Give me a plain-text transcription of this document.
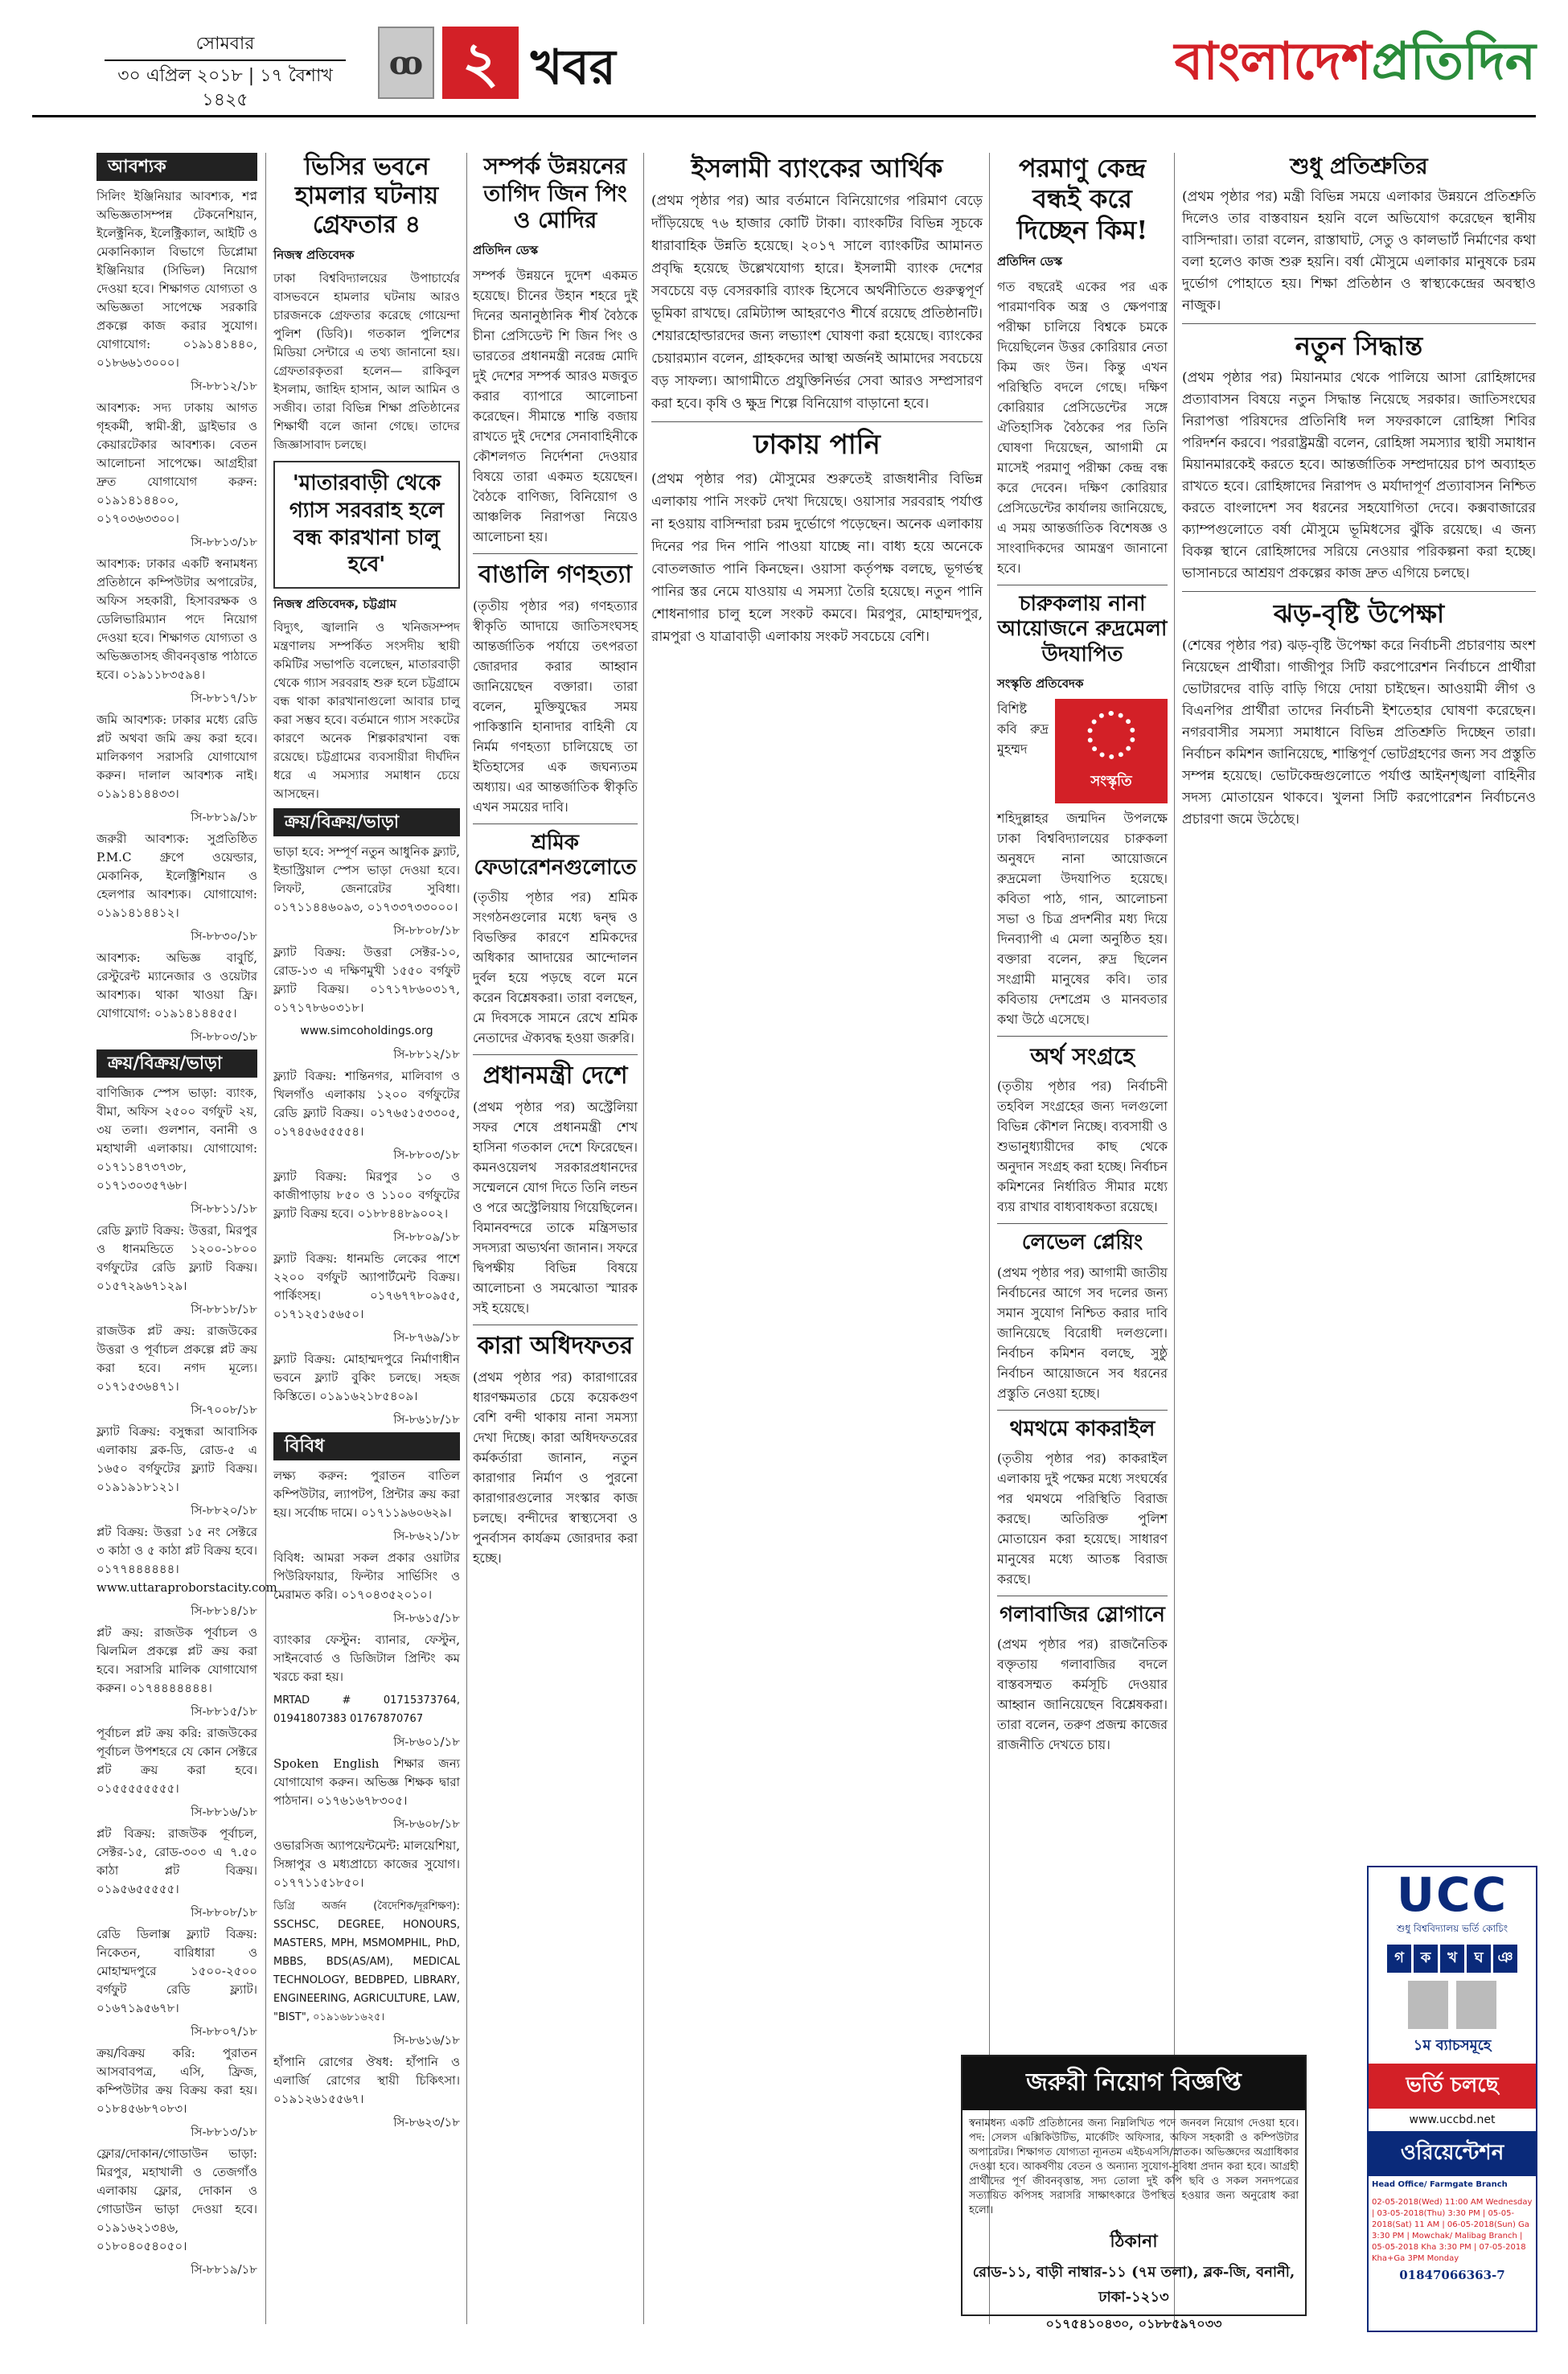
সোমবার
৩০ এপ্রিল ২০১৮ | ১৭ বৈশাখ ১৪২৫
ꝏ ২ খবর	বাংলাদেশপ্রতিদিন
আবশ্যক

সিলিং ইঞ্জিনিয়ার আবশ্যক, শপ্ন অভিজ্ঞতাসম্পন্ন টেকনেশিয়ান, ইলেক্ট্রনিক, ইলেক্ট্রিক্যাল, আইটি ও মেকানিক্যাল বিভাগে ডিপ্লোমা ইঞ্জিনিয়ার (সিভিল) নিয়োগ দেওয়া হবে। শিক্ষাগত যোগ্যতা ও অভিজ্ঞতা সাপেক্ষে সরকারি প্রকল্পে কাজ করার সুযোগ। যোগাযোগ: ০১৯১৪১৪৪০, ০১৮৬৬১৩০০০।

সি-৮৮১২/১৮

আবশ্যক: সদ্য ঢাকায় আগত গৃহকর্মী, স্বামী-স্ত্রী, ড্রাইভার ও কেয়ারটেকার আবশ্যক। বেতন আলোচনা সাপেক্ষে। আগ্রহীরা দ্রুত যোগাযোগ করুন: ০১৯১৪১৪৪০০, ০১৭০৩৬৩৩০০।

সি-৮৮১৩/১৮

আবশ্যক: ঢাকার একটি স্বনামধন্য প্রতিষ্ঠানে কম্পিউটার অপারেটর, অফিস সহকারী, হিসাবরক্ষক ও ডেলিভারিম্যান পদে নিয়োগ দেওয়া হবে। শিক্ষাগত যোগ্যতা ও অভিজ্ঞতাসহ জীবনবৃত্তান্ত পাঠাতে হবে। ০১৯১১৮৩৫৯৪।

সি-৮৮১৭/১৮

জমি আবশ্যক: ঢাকার মধ্যে রেডি প্লট অথবা জমি ক্রয় করা হবে। মালিকগণ সরাসরি যোগাযোগ করুন। দালাল আবশ্যক নাই। ০১৯১৪১৪৪৩৩।

সি-৮৮১৯/১৮

জরুরী আবশ্যক: সুপ্রতিষ্ঠিত P.M.C গ্রুপে ওয়েল্ডার, মেকানিক, ইলেক্ট্রিশিয়ান ও হেলপার আবশ্যক। যোগাযোগ: ০১৯১৪১৪৪১২।

সি-৮৮৩০/১৮

আবশ্যক: অভিজ্ঞ বাবুর্চি, রেস্টুরেন্ট ম্যানেজার ও ওয়েটার আবশ্যক। থাকা খাওয়া ফ্রি। যোগাযোগ: ০১৯১৪১৪৪৫৫।

সি-৮৮০৩/১৮
ক্রয়/বিক্রয়/ভাড়া

বাণিজ্যিক স্পেস ভাড়া: ব্যাংক, বীমা, অফিস ২৫০০ বর্গফুট ২য়, ৩য় তলা। গুলশান, বনানী ও মহাখালী এলাকায়। যোগাযোগ: ০১৭১১৪৭৩৭৩৮, ০১৭১৩০৩৫৭৬৮।

সি-৮৮১১/১৮

রেডি ফ্ল্যাট বিক্রয়: উত্তরা, মিরপুর ও ধানমন্ডিতে ১২০০-১৮০০ বর্গফুটের রেডি ফ্ল্যাট বিক্রয়। ০১৫৭২৯৬৭১২৯।

সি-৮৮১৮/১৮

রাজউক প্লট ক্রয়: রাজউকের উত্তরা ও পূর্বাচল প্রকল্পে প্লট ক্রয় করা হবে। নগদ মূল্যে। ০১৭১৫৩৬৪৭১।

সি-৭০০৮/১৮

ফ্ল্যাট বিক্রয়: বসুন্ধরা আবাসিক এলাকায় ব্লক-ডি, রোড-৫ এ ১৬৫০ বর্গফুটের ফ্ল্যাট বিক্রয়। ০১৯১৯১৮১২১।

সি-৮৮২০/১৮

প্লট বিক্রয়: উত্তরা ১৫ নং সেক্টরে ৩ কাঠা ও ৫ কাঠা প্লট বিক্রয় হবে। ০১৭৭৪৪৪৪৪৪। www.uttaraproborstacity.com

সি-৮৮১৪/১৮

প্লট ক্রয়: রাজউক পূর্বাচল ও ঝিলমিল প্রকল্পে প্লট ক্রয় করা হবে। সরাসরি মালিক যোগাযোগ করুন। ০১৭৪৪৪৪৪৪৪।

সি-৮৮১৫/১৮

পূর্বাচল প্লট ক্রয় করি: রাজউকের পূর্বাচল উপশহরে যে কোন সেক্টরে প্লট ক্রয় করা হবে। ০১৫৫৫৫৫৫৫৫।

সি-৮৮১৬/১৮

প্লট বিক্রয়: রাজউক পূর্বাচল, সেক্টর-১৫, রোড-৩০৩ এ ৭.৫০ কাঠা প্লট বিক্রয়। ০১৯৫৬৫৫৫৫৫।

সি-৮৮০৮/১৮

রেডি ডিলাক্স ফ্ল্যাট বিক্রয়: নিকেতন, বারিধারা ও মোহাম্মদপুরে ১৫০০-২৫০০ বর্গফুট রেডি ফ্ল্যাট। ০১৬৭১৯৫৬৭৮।

সি-৮৮০৭/১৮

ক্রয়/বিক্রয় করি: পুরাতন আসবাবপত্র, এসি, ফ্রিজ, কম্পিউটার ক্রয় বিক্রয় করা হয়। ০১৮৪৫৬৮৭০৮৩।

সি-৮৮১৩/১৮

ফ্লোর/দোকান/গোডাউন ভাড়া: মিরপুর, মহাখালী ও তেজগাঁও এলাকায় ফ্লোর, দোকান ও গোডাউন ভাড়া দেওয়া হবে। ০১৯১৬২১৩৪৬, ০১৮০৪০৫৪০৫০।

সি-৮৮১৯/১৮
ভিসির ভবনে হামলার ঘটনায় গ্রেফতার ৪
নিজস্ব প্রতিবেদক

ঢাকা বিশ্ববিদ্যালয়ের উপাচার্যের বাসভবনে হামলার ঘটনায় আরও চারজনকে গ্রেফতার করেছে গোয়েন্দা পুলিশ (ডিবি)। গতকাল পুলিশের মিডিয়া সেন্টারে এ তথ্য জানানো হয়। গ্রেফতারকৃতরা হলেন— রাকিবুল ইসলাম, জাহিদ হাসান, আল আমিন ও সজীব। তারা বিভিন্ন শিক্ষা প্রতিষ্ঠানের শিক্ষার্থী বলে জানা গেছে। তাদের জিজ্ঞাসাবাদ চলছে।

'মাতারবাড়ী থেকে গ্যাস সরবরাহ হলে বন্ধ কারখানা চালু হবে'
নিজস্ব প্রতিবেদক, চট্টগ্রাম

বিদ্যুৎ, জ্বালানি ও খনিজসম্পদ মন্ত্রণালয় সম্পর্কিত সংসদীয় স্থায়ী কমিটির সভাপতি বলেছেন, মাতারবাড়ী থেকে গ্যাস সরবরাহ শুরু হলে চট্টগ্রামে বন্ধ থাকা কারখানাগুলো আবার চালু করা সম্ভব হবে। বর্তমানে গ্যাস সংকটের কারণে অনেক শিল্পকারখানা বন্ধ রয়েছে। চট্টগ্রামের ব্যবসায়ীরা দীর্ঘদিন ধরে এ সমস্যার সমাধান চেয়ে আসছেন।

ক্রয়/বিক্রয়/ভাড়া

ভাড়া হবে: সম্পূর্ণ নতুন আধুনিক ফ্ল্যাট, ইন্ডাস্ট্রিয়াল স্পেস ভাড়া দেওয়া হবে। লিফট, জেনারেটর সুবিধা। ০১৭১১৪৪৬০৯৩, ০১৭৩৩৭৩৩০০০।

সি-৮৮০৮/১৮

ফ্ল্যাট বিক্রয়: উত্তরা সেক্টর-১০, রোড-১৩ এ দক্ষিণমুখী ১৫৫০ বর্গফুট ফ্ল্যাট বিক্রয়। ০১৭১৭৮৬০৩১৭, ০১৭১৭৮৬০৩১৮।

www.simcoholdings.org
সি-৮৮১২/১৮

ফ্ল্যাট বিক্রয়: শান্তিনগর, মালিবাগ ও খিলগাঁও এলাকায় ১২০০ বর্গফুটের রেডি ফ্ল্যাট বিক্রয়। ০১৭৬৫১৫৩৩০৫, ০১৭৪৫৬৫৫৫৫৪।

সি-৮৮০৩/১৮

ফ্ল্যাট বিক্রয়: মিরপুর ১০ ও কাজীপাড়ায় ৮৫০ ও ১১০০ বর্গফুটের ফ্ল্যাট বিক্রয় হবে। ০১৮৮৪৪৮৯০০২।

সি-৮৮০৯/১৮

ফ্ল্যাট বিক্রয়: ধানমন্ডি লেকের পাশে ২২০০ বর্গফুট অ্যাপার্টমেন্ট বিক্রয়। পার্কিংসহ। ০১৭৬৭৭৮০৯৫৫, ০১৭১২৫১৫৬৫০।

সি-৮৭৬৯/১৮

ফ্ল্যাট বিক্রয়: মোহাম্মদপুরে নির্মাণাধীন ভবনে ফ্ল্যাট বুকিং চলছে। সহজ কিস্তিতে। ০১৯১৬২১৮৫৪০৯।

সি-৮৬১৮/১৮
বিবিধ

লক্ষ্য করুন: পুরাতন বাতিল কম্পিউটার, ল্যাপটপ, প্রিন্টার ক্রয় করা হয়। সর্বোচ্চ দামে। ০১৭১১৯৬০৬২৯।

সি-৮৬২১/১৮

বিবিধ: আমরা সকল প্রকার ওয়াটার পিউরিফায়ার, ফিল্টার সার্ভিসিং ও মেরামত করি। ০১৭০৪৩৫২০১০।

সি-৮৬১৫/১৮

ব্যাংকার ফেস্টুন: ব্যানার, ফেস্টুন, সাইনবোর্ড ও ডিজিটাল প্রিন্টিং কম খরচে করা হয়।

MRTAD # 01715373764, 01941807383 01767870767

সি-৮৬০১/১৮

Spoken English শিক্ষার জন্য যোগাযোগ করুন। অভিজ্ঞ শিক্ষক দ্বারা পাঠদান। ০১৭৬১৬৭৮৩০৫।

সি-৮৬০৮/১৮

ওভারসিজ অ্যাপয়েন্টমেন্ট: মালয়েশিয়া, সিঙ্গাপুর ও মধ্যপ্রাচ্যে কাজের সুযোগ। ০১৭৭১১৫১৮৫০।

ডিগ্রি অর্জন (বৈদেশিক/দূরশিক্ষণ): SSCHSC, DEGREE, HONOURS, MASTERS, MPH, MSMOMPHIL, PhD, MBBS, BDS(AS/AM), MEDICAL TECHNOLOGY, BEDBPED, LIBRARY, ENGINEERING, AGRICULTURE, LAW, "BIST", ০১৯১৬৮১৬২৫।

সি-৮৬১৬/১৮

হাঁপানি রোগের ঔষধ: হাঁপানি ও এলার্জি রোগের স্থায়ী চিকিৎসা। ০১৯১২৬১৫৫৬৭।

সি-৮৬২৩/১৮
সম্পর্ক উন্নয়নের তাগিদ জিন পিং ও মোদির
প্রতিদিন ডেস্ক

সম্পর্ক উন্নয়নে দুদেশ একমত হয়েছে। চীনের উহান শহরে দুই দিনের অনানুষ্ঠানিক শীর্ষ বৈঠকে চীনা প্রেসিডেন্ট শি জিন পিং ও ভারতের প্রধানমন্ত্রী নরেন্দ্র মোদি দুই দেশের সম্পর্ক আরও মজবুত করার ব্যাপারে আলোচনা করেছেন। সীমান্তে শান্তি বজায় রাখতে দুই দেশের সেনাবাহিনীকে কৌশলগত নির্দেশনা দেওয়ার বিষয়ে তারা একমত হয়েছেন। বৈঠকে বাণিজ্য, বিনিয়োগ ও আঞ্চলিক নিরাপত্তা নিয়েও আলোচনা হয়।

বাঙালি গণহত্যা

(তৃতীয় পৃষ্ঠার পর) গণহত্যার স্বীকৃতি আদায়ে জাতিসংঘসহ আন্তর্জাতিক পর্যায়ে তৎপরতা জোরদার করার আহ্বান জানিয়েছেন বক্তারা। তারা বলেন, মুক্তিযুদ্ধের সময় পাকিস্তানি হানাদার বাহিনী যে নির্মম গণহত্যা চালিয়েছে তা ইতিহাসের এক জঘন্যতম অধ্যায়। এর আন্তর্জাতিক স্বীকৃতি এখন সময়ের দাবি।

শ্রমিক ফেডারেশনগুলোতে

(তৃতীয় পৃষ্ঠার পর) শ্রমিক সংগঠনগুলোর মধ্যে দ্বন্দ্ব ও বিভক্তির কারণে শ্রমিকদের অধিকার আদায়ের আন্দোলন দুর্বল হয়ে পড়ছে বলে মনে করেন বিশ্লেষকরা। তারা বলছেন, মে দিবসকে সামনে রেখে শ্রমিক নেতাদের ঐক্যবদ্ধ হওয়া জরুরি।

প্রধানমন্ত্রী দেশে

(প্রথম পৃষ্ঠার পর) অস্ট্রেলিয়া সফর শেষে প্রধানমন্ত্রী শেখ হাসিনা গতকাল দেশে ফিরেছেন। কমনওয়েলথ সরকারপ্রধানদের সম্মেলনে যোগ দিতে তিনি লন্ডন ও পরে অস্ট্রেলিয়ায় গিয়েছিলেন। বিমানবন্দরে তাকে মন্ত্রিসভার সদস্যরা অভ্যর্থনা জানান। সফরে দ্বিপক্ষীয় বিভিন্ন বিষয়ে আলোচনা ও সমঝোতা স্মারক সই হয়েছে।

কারা অধিদফতর

(প্রথম পৃষ্ঠার পর) কারাগারের ধারণক্ষমতার চেয়ে কয়েকগুণ বেশি বন্দী থাকায় নানা সমস্যা দেখা দিচ্ছে। কারা অধিদফতরের কর্মকর্তারা জানান, নতুন কারাগার নির্মাণ ও পুরনো কারাগারগুলোর সংস্কার কাজ চলছে। বন্দীদের স্বাস্থ্যসেবা ও পুনর্বাসন কার্যক্রম জোরদার করা হচ্ছে।

ইসলামী ব্যাংকের আর্থিক

(প্রথম পৃষ্ঠার পর) আর বর্তমানে বিনিয়োগের পরিমাণ বেড়ে দাঁড়িয়েছে ৭৬ হাজার কোটি টাকা। ব্যাংকটির বিভিন্ন সূচকে ধারাবাহিক উন্নতি হয়েছে। ২০১৭ সালে ব্যাংকটির আমানত প্রবৃদ্ধি হয়েছে উল্লেখযোগ্য হারে। ইসলামী ব্যাংক দেশের সবচেয়ে বড় বেসরকারি ব্যাংক হিসেবে অর্থনীতিতে গুরুত্বপূর্ণ ভূমিকা রাখছে। রেমিট্যান্স আহরণেও শীর্ষে রয়েছে প্রতিষ্ঠানটি। শেয়ারহোল্ডারদের জন্য লভ্যাংশ ঘোষণা করা হয়েছে। ব্যাংকের চেয়ারম্যান বলেন, গ্রাহকদের আস্থা অর্জনই আমাদের সবচেয়ে বড় সাফল্য। আগামীতে প্রযুক্তিনির্ভর সেবা আরও সম্প্রসারণ করা হবে। কৃষি ও ক্ষুদ্র শিল্পে বিনিয়োগ বাড়ানো হবে।

ঢাকায় পানি

(প্রথম পৃষ্ঠার পর) মৌসুমের শুরুতেই রাজধানীর বিভিন্ন এলাকায় পানি সংকট দেখা দিয়েছে। ওয়াসার সরবরাহ পর্যাপ্ত না হওয়ায় বাসিন্দারা চরম দুর্ভোগে পড়েছেন। অনেক এলাকায় দিনের পর দিন পানি পাওয়া যাচ্ছে না। বাধ্য হয়ে অনেকে বোতলজাত পানি কিনছেন। ওয়াসা কর্তৃপক্ষ বলছে, ভূগর্ভস্থ পানির স্তর নেমে যাওয়ায় এ সমস্যা তৈরি হয়েছে। নতুন পানি শোধনাগার চালু হলে সংকট কমবে। মিরপুর, মোহাম্মদপুর, রামপুরা ও যাত্রাবাড়ী এলাকায় সংকট সবচেয়ে বেশি।

পরমাণু কেন্দ্র বন্ধই করে দিচ্ছেন কিম!
প্রতিদিন ডেস্ক

গত বছরেই একের পর এক পারমাণবিক অস্ত্র ও ক্ষেপণাস্ত্র পরীক্ষা চালিয়ে বিশ্বকে চমকে দিয়েছিলেন উত্তর কোরিয়ার নেতা কিম জং উন। কিন্তু এখন পরিস্থিতি বদলে গেছে। দক্ষিণ কোরিয়ার প্রেসিডেন্টের সঙ্গে ঐতিহাসিক বৈঠকের পর তিনি ঘোষণা দিয়েছেন, আগামী মে মাসেই পরমাণু পরীক্ষা কেন্দ্র বন্ধ করে দেবেন। দক্ষিণ কোরিয়ার প্রেসিডেন্টের কার্যালয় জানিয়েছে, এ সময় আন্তর্জাতিক বিশেষজ্ঞ ও সাংবাদিকদের আমন্ত্রণ জানানো হবে।

চারুকলায় নানা আয়োজনে রুদ্রমেলা উদযাপিত
সংস্কৃতি প্রতিবেদক
সংস্কৃতি

বিশিষ্ট কবি রুদ্র মুহম্মদ শহিদুল্লাহর জন্মদিন উপলক্ষে ঢাকা বিশ্ববিদ্যালয়ের চারুকলা অনুষদে নানা আয়োজনে রুদ্রমেলা উদযাপিত হয়েছে। কবিতা পাঠ, গান, আলোচনা সভা ও চিত্র প্রদর্শনীর মধ্য দিয়ে দিনব্যাপী এ মেলা অনুষ্ঠিত হয়। বক্তারা বলেন, রুদ্র ছিলেন সংগ্রামী মানুষের কবি। তার কবিতায় দেশপ্রেম ও মানবতার কথা উঠে এসেছে।

অর্থ সংগ্রহে

(তৃতীয় পৃষ্ঠার পর) নির্বাচনী তহবিল সংগ্রহের জন্য দলগুলো বিভিন্ন কৌশল নিচ্ছে। ব্যবসায়ী ও শুভানুধ্যায়ীদের কাছ থেকে অনুদান সংগ্রহ করা হচ্ছে। নির্বাচন কমিশনের নির্ধারিত সীমার মধ্যে ব্যয় রাখার বাধ্যবাধকতা রয়েছে।

লেভেল প্লেয়িং

(প্রথম পৃষ্ঠার পর) আগামী জাতীয় নির্বাচনের আগে সব দলের জন্য সমান সুযোগ নিশ্চিত করার দাবি জানিয়েছে বিরোধী দলগুলো। নির্বাচন কমিশন বলছে, সুষ্ঠু নির্বাচন আয়োজনে সব ধরনের প্রস্তুতি নেওয়া হচ্ছে।

থমথমে কাকরাইল

(তৃতীয় পৃষ্ঠার পর) কাকরাইল এলাকায় দুই পক্ষের মধ্যে সংঘর্ষের পর থমথমে পরিস্থিতি বিরাজ করছে। অতিরিক্ত পুলিশ মোতায়েন করা হয়েছে। সাধারণ মানুষের মধ্যে আতঙ্ক বিরাজ করছে।

গলাবাজির স্লোগানে

(প্রথম পৃষ্ঠার পর) রাজনৈতিক বক্তৃতায় গলাবাজির বদলে বাস্তবসম্মত কর্মসূচি দেওয়ার আহ্বান জানিয়েছেন বিশ্লেষকরা। তারা বলেন, তরুণ প্রজন্ম কাজের রাজনীতি দেখতে চায়।

শুধু প্রতিশ্রুতির

(প্রথম পৃষ্ঠার পর) মন্ত্রী বিভিন্ন সময়ে এলাকার উন্নয়নে প্রতিশ্রুতি দিলেও তার বাস্তবায়ন হয়নি বলে অভিযোগ করেছেন স্থানীয় বাসিন্দারা। তারা বলেন, রাস্তাঘাট, সেতু ও কালভার্ট নির্মাণের কথা বলা হলেও কাজ শুরু হয়নি। বর্ষা মৌসুমে এলাকার মানুষকে চরম দুর্ভোগ পোহাতে হয়। শিক্ষা প্রতিষ্ঠান ও স্বাস্থ্যকেন্দ্রের অবস্থাও নাজুক।

নতুন সিদ্ধান্ত

(প্রথম পৃষ্ঠার পর) মিয়ানমার থেকে পালিয়ে আসা রোহিঙ্গাদের প্রত্যাবাসন বিষয়ে নতুন সিদ্ধান্ত নিয়েছে সরকার। জাতিসংঘের নিরাপত্তা পরিষদের প্রতিনিধি দল সফরকালে রোহিঙ্গা শিবির পরিদর্শন করবে। পররাষ্ট্রমন্ত্রী বলেন, রোহিঙ্গা সমস্যার স্থায়ী সমাধান মিয়ানমারকেই করতে হবে। আন্তর্জাতিক সম্প্রদায়ের চাপ অব্যাহত রাখতে হবে। রোহিঙ্গাদের নিরাপদ ও মর্যাদাপূর্ণ প্রত্যাবাসন নিশ্চিত করতে বাংলাদেশ সব ধরনের সহযোগিতা দেবে। কক্সবাজারের ক্যাম্পগুলোতে বর্ষা মৌসুমে ভূমিধসের ঝুঁকি রয়েছে। এ জন্য বিকল্প স্থানে রোহিঙ্গাদের সরিয়ে নেওয়ার পরিকল্পনা করা হচ্ছে। ভাসানচরে আশ্রয়ণ প্রকল্পের কাজ দ্রুত এগিয়ে চলছে।

ঝড়-বৃষ্টি উপেক্ষা

(শেষের পৃষ্ঠার পর) ঝড়-বৃষ্টি উপেক্ষা করে নির্বাচনী প্রচারণায় অংশ নিয়েছেন প্রার্থীরা। গাজীপুর সিটি করপোরেশন নির্বাচনে প্রার্থীরা ভোটারদের বাড়ি বাড়ি গিয়ে দোয়া চাইছেন। আওয়ামী লীগ ও বিএনপির প্রার্থীরা তাদের নির্বাচনী ইশতেহার ঘোষণা করেছেন। নগরবাসীর সমস্যা সমাধানে বিভিন্ন প্রতিশ্রুতি দিচ্ছেন তারা। নির্বাচন কমিশন জানিয়েছে, শান্তিপূর্ণ ভোটগ্রহণের জন্য সব প্রস্তুতি সম্পন্ন হয়েছে। ভোটকেন্দ্রগুলোতে পর্যাপ্ত আইনশৃঙ্খলা বাহিনীর সদস্য মোতায়েন থাকবে। খুলনা সিটি করপোরেশন নির্বাচনেও প্রচারণা জমে উঠেছে।

জরুরী নিয়োগ বিজ্ঞপ্তি
স্বনামধন্য একটি প্রতিষ্ঠানের জন্য নিম্নলিখিত পদে জনবল নিয়োগ দেওয়া হবে। পদ: সেলস এক্সিকিউটিভ, মার্কেটিং অফিসার, অফিস সহকারী ও কম্পিউটার অপারেটর। শিক্ষাগত যোগ্যতা ন্যূনতম এইচএসসি/স্নাতক। অভিজ্ঞদের অগ্রাধিকার দেওয়া হবে। আকর্ষণীয় বেতন ও অন্যান্য সুযোগ-সুবিধা প্রদান করা হবে। আগ্রহী প্রার্থীদের পূর্ণ জীবনবৃত্তান্ত, সদ্য তোলা দুই কপি ছবি ও সকল সনদপত্রের সত্যায়িত কপিসহ সরাসরি সাক্ষাৎকারে উপস্থিত হওয়ার জন্য অনুরোধ করা হলো।
ঠিকানা
রোড-১১, বাড়ী নাম্বার-১১ (৭ম তলা), ব্লক-জি, বনানী, ঢাকা-১২১৩
০১৭৫৪১০৪৩০, ০১৮৮৫৯৭০৩৩
UCC
শুধু বিশ্ববিদ্যালয় ভর্তি কোচিং
গ	ক	খ	ঘ ঞ

১ম ব্যাচসমূহে
ভর্তি চলছে
www.uccbd.net
ওরিয়েন্টেশন
Head Office/ Farmgate Branch
02-05-2018(Wed) 11:00 AM Wednesday | 03-05-2018(Thu) 3:30 PM | 05-05-2018(Sat) 11 AM | 06-05-2018(Sun) Ga 3:30 PM | Mowchak/ Malibag Branch | 05-05-2018 Kha 3:30 PM | 07-05-2018 Kha+Ga 3PM Monday
01847066363-7
